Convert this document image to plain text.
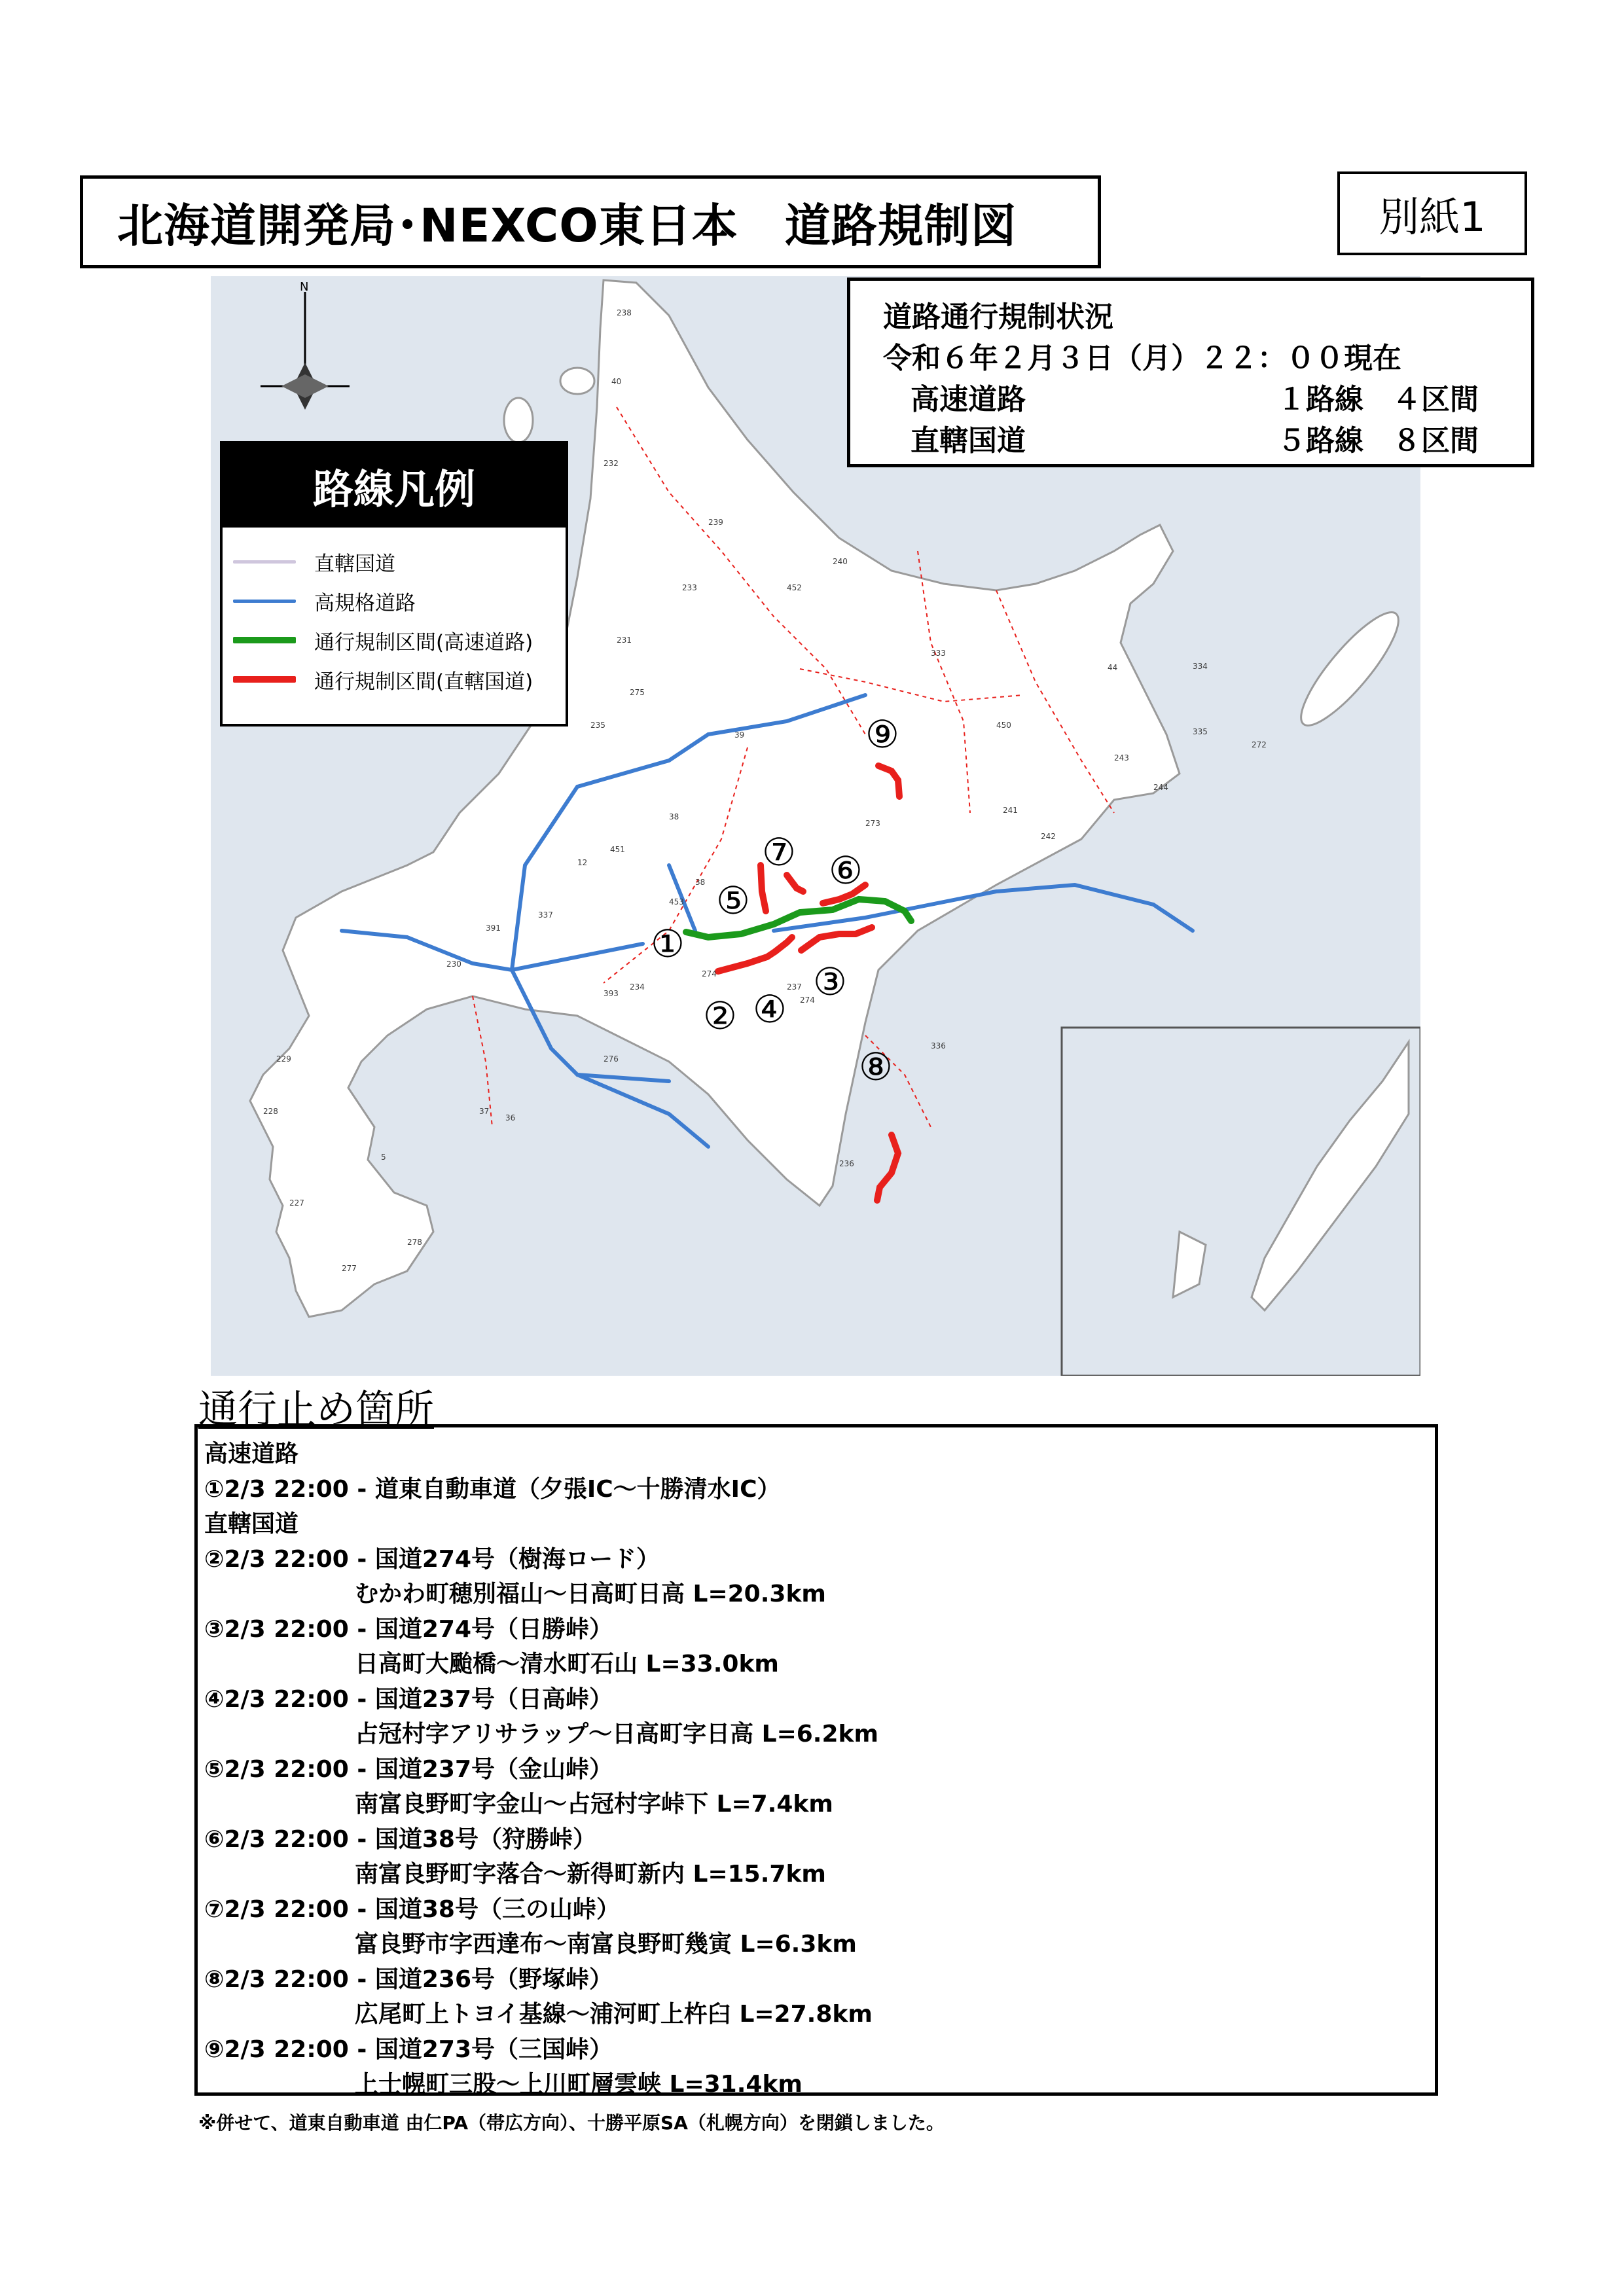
北海道開発局･NEXCO東日本　道路規制図	別紙1
N
238
40
232
239
275
12
5
37
36
38
39
44
230
231
235
236
237
241
242
243
244
272
273
274
276
277
278
333
334
335
336
337
391
393
450
451
452
229
228
227
453
234
233
240
274
38
①
②
③
④
⑤
⑥
⑦
⑧
⑨
道路通行規制状況
令和６年２月３日（月）２２：００現在
高速道路	１路線　４区間
直轄国道	５路線　８区間
路線凡例
直轄国道
高規格道路
通行規制区間(高速道路)
通行規制区間(直轄国道)
通行止め箇所
高速道路
①2/3 22:00 - 道東自動車道（夕張IC～十勝清水IC）
直轄国道
②2/3 22:00 - 国道274号（樹海ロード）
むかわ町穂別福山～日高町日高 L=20.3km
③2/3 22:00 - 国道274号（日勝峠）
日高町大颱橋～清水町石山 L=33.0km
④2/3 22:00 - 国道237号（日高峠）
占冠村字アリサラップ～日高町字日高 L=6.2km
⑤2/3 22:00 - 国道237号（金山峠）
南富良野町字金山～占冠村字峠下 L=7.4km
⑥2/3 22:00 - 国道38号（狩勝峠）
南富良野町字落合～新得町新内 L=15.7km
⑦2/3 22:00 - 国道38号（三の山峠）
富良野市字西達布～南富良野町幾寅 L=6.3km
⑧2/3 22:00 - 国道236号（野塚峠）
広尾町上トヨイ基線～浦河町上杵臼 L=27.8km
⑨2/3 22:00 - 国道273号（三国峠）
上士幌町三股～上川町層雲峡 L=31.4km
※併せて、道東自動車道 由仁PA（帯広方向）、十勝平原SA（札幌方向）を閉鎖しました。
